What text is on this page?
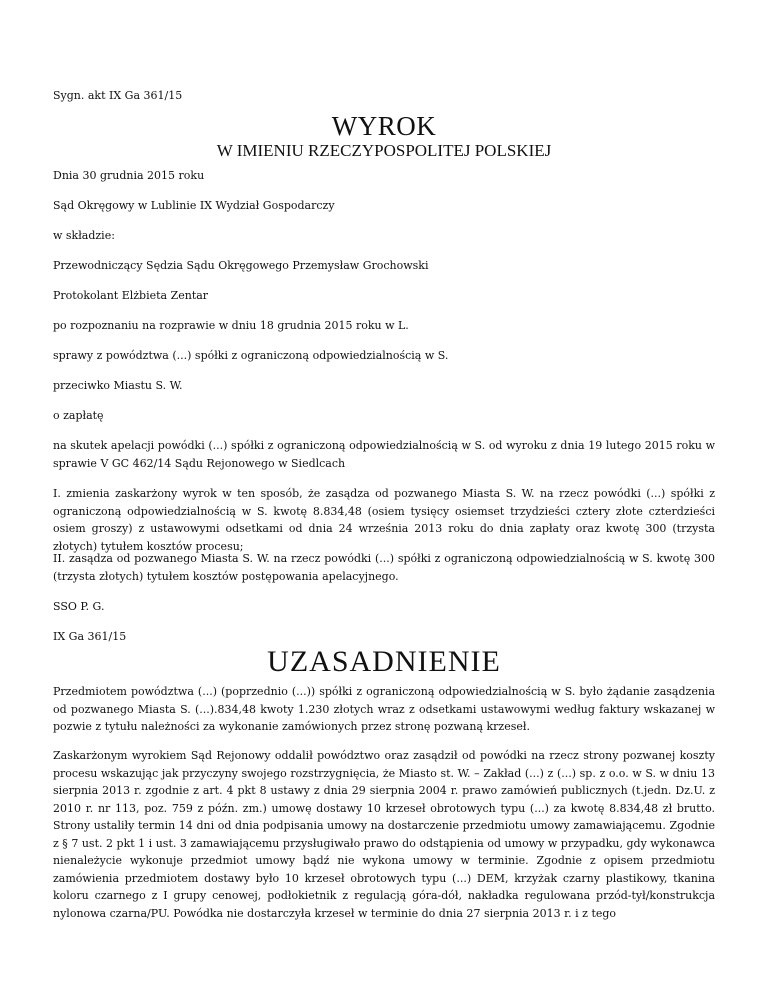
Sygn. akt IX Ga 361/15

WYROK
W IMIENIU RZECZYPOSPOLITEJ POLSKIEJ

Dnia 30 grudnia 2015 roku

Sąd Okręgowy w Lublinie IX Wydział Gospodarczy

w składzie:

Przewodniczący Sędzia Sądu Okręgowego Przemysław Grochowski

Protokolant Elżbieta Zentar

po rozpoznaniu na rozprawie w dniu 18 grudnia 2015 roku w L.

sprawy z powództwa (...) spółki z ograniczoną odpowiedzialnością w S.

przeciwko Miastu S. W.

o zapłatę

na skutek apelacji powódki (...) spółki z ograniczoną odpowiedzialnością w S. od wyroku z dnia 19 lutego 2015 roku w sprawie V GC 462/14 Sądu Rejonowego w Siedlcach

I. zmienia zaskarżony wyrok w ten sposób, że zasądza od pozwanego Miasta S. W. na rzecz powódki (...) spółki z ograniczoną odpowiedzialnością w S. kwotę 8.834,48 (osiem tysięcy osiemset trzydzieści cztery złote czterdzieści osiem groszy) z ustawowymi odsetkami od dnia 24 września 2013 roku do dnia zapłaty oraz kwotę 300 (trzysta złotych) tytułem kosztów procesu;

II. zasądza od pozwanego Miasta S. W. na rzecz powódki (...) spółki z ograniczoną odpowiedzialnością w S. kwotę 300 (trzysta złotych) tytułem kosztów postępowania apelacyjnego.

SSO P. G.

IX Ga 361/15

UZASADNIENIE

Przedmiotem powództwa (...) (poprzednio (...)) spółki z ograniczoną odpowiedzialnością w S. było żądanie zasądzenia od pozwanego Miasta S. (...).834,48 kwoty 1.230 złotych wraz z odsetkami ustawowymi według faktury wskazanej w pozwie z tytułu należności za wykonanie zamówionych przez stronę pozwaną krzeseł.

Zaskarżonym wyrokiem Sąd Rejonowy oddalił powództwo oraz zasądził od powódki na rzecz strony pozwanej koszty procesu wskazując jak przyczyny swojego rozstrzygnięcia, że Miasto st. W. – Zakład (...) z (...) sp. z o.o. w S. w dniu 13 sierpnia 2013 r. zgodnie z art. 4 pkt 8 ustawy z dnia 29 sierpnia 2004 r. prawo zamówień publicznych (t.jedn. Dz.U. z 2010 r. nr 113, poz. 759 z późn. zm.) umowę dostawy 10 krzeseł obrotowych typu (...) za kwotę 8.834,48 zł brutto. Strony ustaliły termin 14 dni od dnia podpisania umowy na dostarczenie przedmiotu umowy zamawiającemu. Zgodnie z § 7 ust. 2 pkt 1 i ust. 3 zamawiającemu przysługiwało prawo do odstąpienia od umowy w przypadku, gdy wykonawca nienależycie wykonuje przedmiot umowy bądź nie wykona umowy w terminie. Zgodnie z opisem przedmiotu zamówienia przedmiotem dostawy było 10 krzeseł obrotowych typu (...) DEM, krzyżak czarny plastikowy, tkanina koloru czarnego z I grupy cenowej, podłokietnik z regulacją góra-dół, nakładka regulowana przód-tył/konstrukcja nylonowa czarna/PU. Powódka nie dostarczyła krzeseł w terminie do dnia 27 sierpnia 2013 r. i z tego
